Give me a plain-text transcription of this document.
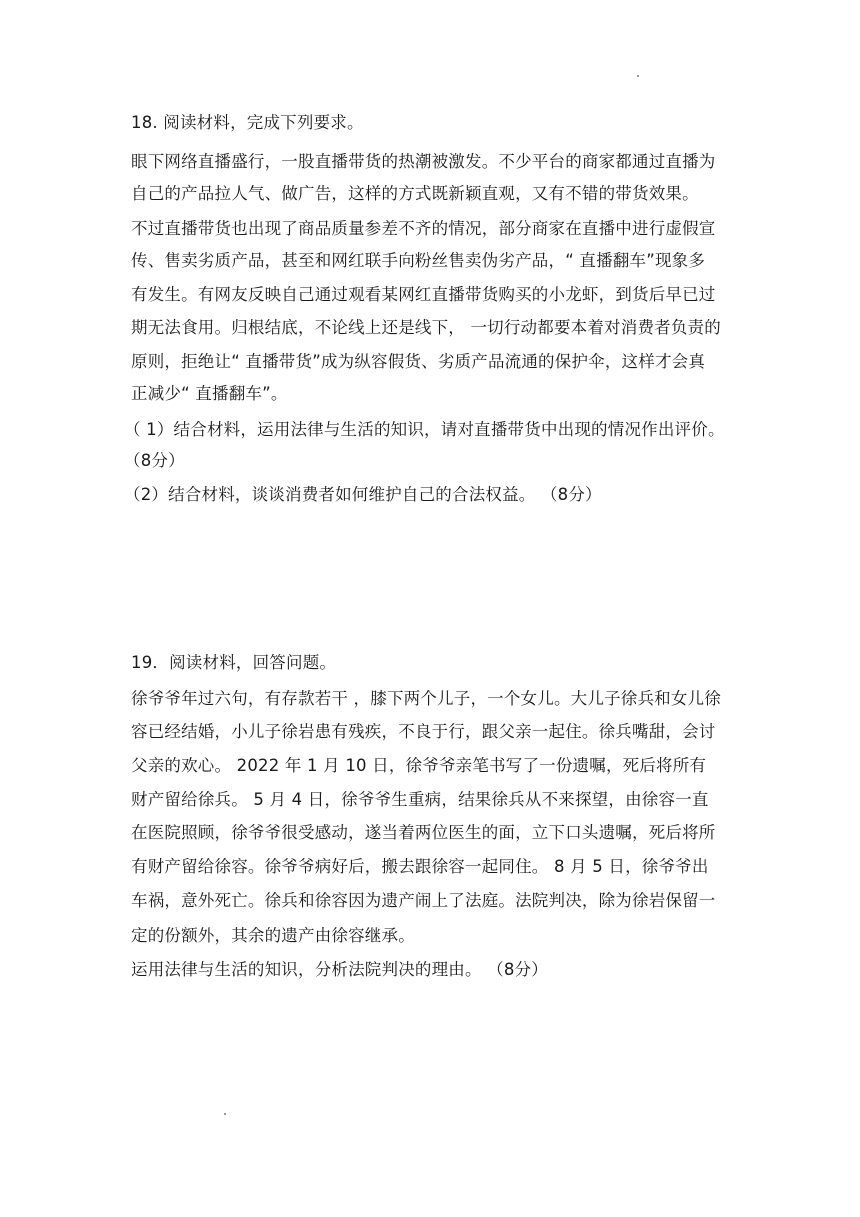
18. 阅读材料，完成下列要求。

眼下网络直播盛行，一股直播带货的热潮被激发。不少平台的商家都通过直播为

自己的产品拉人气、做广告，这样的方式既新颖直观，又有不错的带货效果。

不过直播带货也出现了商品质量参差不齐的情况，部分商家在直播中进行虚假宣

传、售卖劣质产品，甚至和网红联手向粉丝售卖伪劣产品，“ 直播翻车”现象多

有发生。有网友反映自己通过观看某网红直播带货购买的小龙虾，到货后早已过

期无法食用。归根结底，不论线上还是线下， 一切行动都要本着对消费者负责的

原则，拒绝让“ 直播带货”成为纵容假货、劣质产品流通的保护伞，这样才会真

正减少“ 直播翻车”。

（ 1）结合材料，运用法律与生活的知识，请对直播带货中出现的情况作出评价。

（8分）

（2）结合材料，谈谈消费者如何维护自己的合法权益。 （8分）

19．阅读材料，回答问题。

徐爷爷年过六句，有存款若干 ，膝下两个儿子，一个女儿。大儿子徐兵和女儿徐

容已经结婚，小儿子徐岩患有残疾，不良于行，跟父亲一起住。徐兵嘴甜，会讨

父亲的欢心。 2022 年 1 月 10 日，徐爷爷亲笔书写了一份遗嘱，死后将所有

财产留给徐兵。 5 月 4 日，徐爷爷生重病，结果徐兵从不来探望，由徐容一直

在医院照顾，徐爷爷很受感动，遂当着两位医生的面，立下口头遗嘱，死后将所

有财产留给徐容。徐爷爷病好后，搬去跟徐容一起同住。 8 月 5 日，徐爷爷出

车祸，意外死亡。徐兵和徐容因为遗产闹上了法庭。法院判决，除为徐岩保留一

定的份额外，其余的遗产由徐容继承。

运用法律与生活的知识，分析法院判决的理由。 （8分）
